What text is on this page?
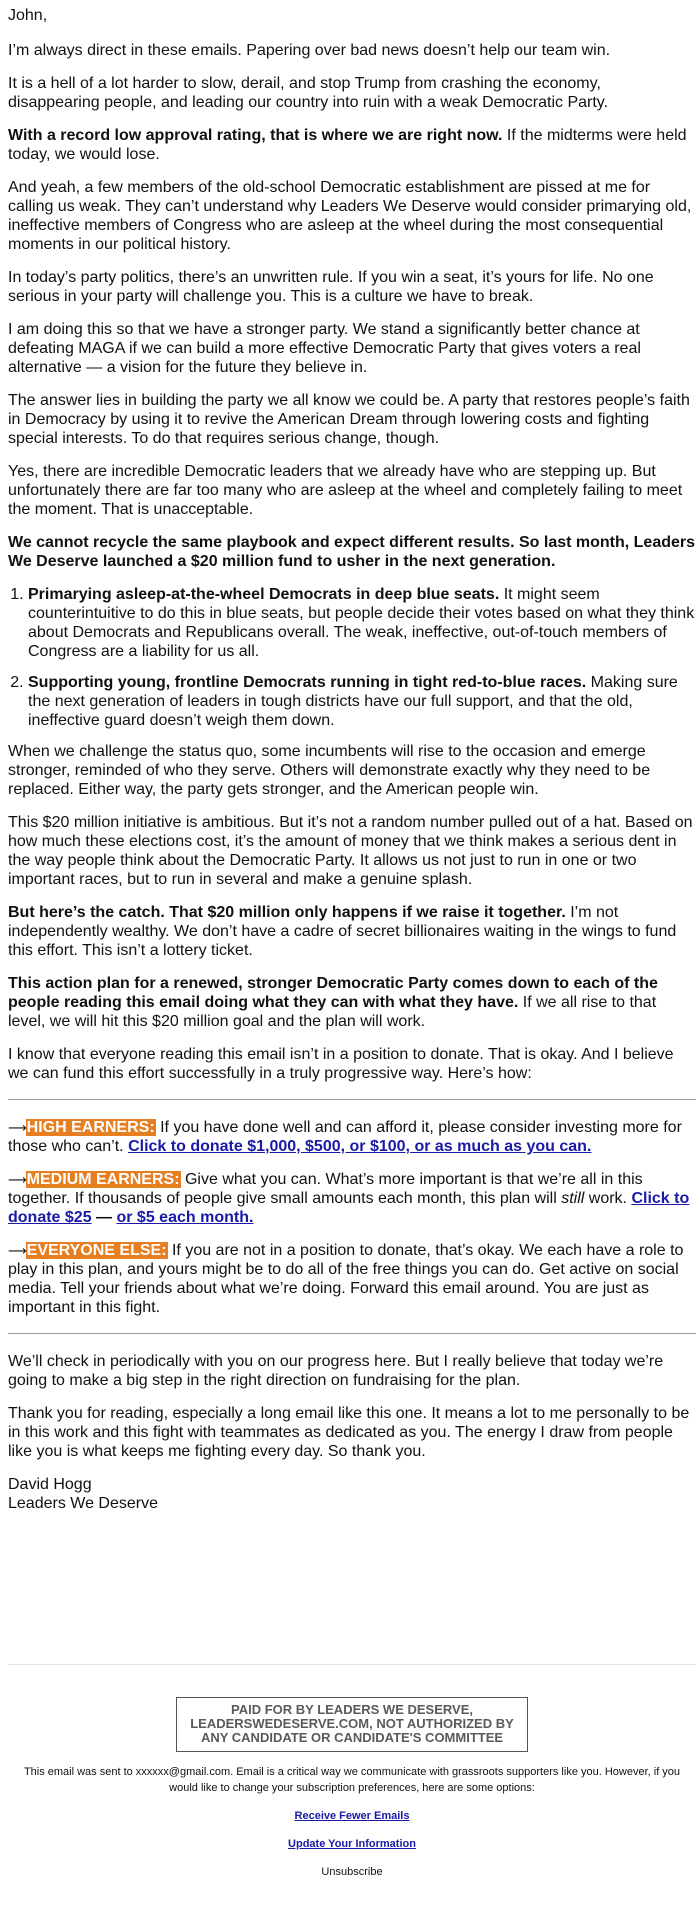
John,

I’m always direct in these emails. Papering over bad news doesn’t help our team win.

It is a hell of a lot harder to slow, derail, and stop Trump from crashing the economy, disappearing people, and leading our country into ruin with a weak Democratic Party.

With a record low approval rating, that is where we are right now. If the midterms were held today, we would lose.

And yeah, a few members of the old-school Democratic establishment are pissed at me for calling us weak. They can’t understand why Leaders We Deserve would consider primarying old, ineffective members of Congress who are asleep at the wheel during the most consequential moments in our political history.

In today’s party politics, there’s an unwritten rule. If you win a seat, it’s yours for life. No one serious in your party will challenge you. This is a culture we have to break.

I am doing this so that we have a stronger party. We stand a significantly better chance at defeating MAGA if we can build a more effective Democratic Party that gives voters a real alternative — a vision for the future they believe in.

The answer lies in building the party we all know we could be. A party that restores people’s faith in Democracy by using it to revive the American Dream through lowering costs and fighting special interests. To do that requires serious change, though.

Yes, there are incredible Democratic leaders that we already have who are stepping up. But unfortunately there are far too many who are asleep at the wheel and completely failing to meet the moment. That is unacceptable.

We cannot recycle the same playbook and expect different results. So last month, Leaders We Deserve launched a $20 million fund to usher in the next generation.

1. Primarying asleep-at-the-wheel Democrats in deep blue seats. It might seem counterintuitive to do this in blue seats, but people decide their votes based on what they think about Democrats and Republicans overall. The weak, ineffective, out-of-touch members of Congress are a liability for us all.
2. Supporting young, frontline Democrats running in tight red-to-blue races. Making sure the next generation of leaders in tough districts have our full support, and that the old, ineffective guard doesn’t weigh them down.

When we challenge the status quo, some incumbents will rise to the occasion and emerge stronger, reminded of who they serve. Others will demonstrate exactly why they need to be replaced. Either way, the party gets stronger, and the American people win.

This $20 million initiative is ambitious. But it’s not a random number pulled out of a hat. Based on how much these elections cost, it’s the amount of money that we think makes a serious dent in the way people think about the Democratic Party. It allows us not just to run in one or two important races, but to run in several and make a genuine splash.

But here’s the catch. That $20 million only happens if we raise it together. I’m not independently wealthy. We don’t have a cadre of secret billionaires waiting in the wings to fund this effort. This isn’t a lottery ticket.

This action plan for a renewed, stronger Democratic Party comes down to each of the people reading this email doing what they can with what they have. If we all rise to that level, we will hit this $20 million goal and the plan will work.

I know that everyone reading this email isn’t in a position to donate. That is okay. And I believe we can fund this effort successfully in a truly progressive way. Here’s how:

⟶HIGH EARNERS: If you have done well and can afford it, please consider investing more for those who can’t. Click to donate $1,000, $500, or $100, or as much as you can.

⟶MEDIUM EARNERS: Give what you can. What’s more important is that we’re all in this together. If thousands of people give small amounts each month, this plan will still work. Click to donate $25 — or $5 each month.

⟶EVERYONE ELSE: If you are not in a position to donate, that’s okay. We each have a role to play in this plan, and yours might be to do all of the free things you can do. Get active on social media. Tell your friends about what we’re doing. Forward this email around. You are just as important in this fight.

We’ll check in periodically with you on our progress here. But I really believe that today we’re going to make a big step in the right direction on fundraising for the plan.

Thank you for reading, especially a long email like this one. It means a lot to me personally to be in this work and this fight with teammates as dedicated as you. The energy I draw from people like you is what keeps me fighting every day. So thank you.

David Hogg
Leaders We Deserve
PAID FOR BY LEADERS WE DESERVE, LEADERSWEDESERVE.COM, NOT AUTHORIZED BY ANY CANDIDATE OR CANDIDATE'S COMMITTEE

This email was sent to xxxxxx@gmail.com. Email is a critical way we communicate with grassroots supporters like you. However, if you would like to change your subscription preferences, here are some options:

Receive Fewer Emails

Update Your Information

Unsubscribe
